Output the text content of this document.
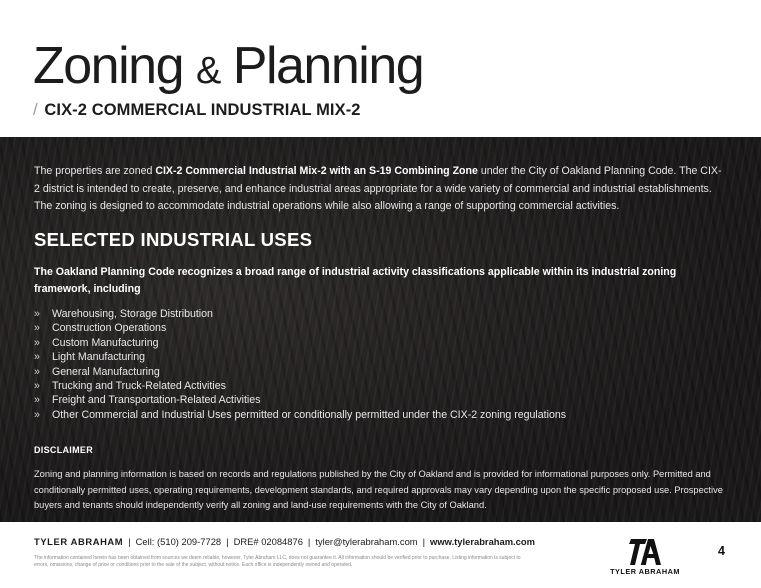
Zoning & Planning
/ CIX-2 COMMERCIAL INDUSTRIAL MIX-2

The properties are zoned CIX-2 Commercial Industrial Mix-2 with an S-19 Combining Zone under the City of Oakland Planning Code. The CIX-2 district is intended to create, preserve, and enhance industrial areas appropriate for a wide variety of commercial and industrial establishments. The zoning is designed to accommodate industrial operations while also allowing a range of supporting commercial activities.

SELECTED INDUSTRIAL USES

The Oakland Planning Code recognizes a broad range of industrial activity classifications applicable within its industrial zoning framework, including

» Warehousing, Storage Distribution
» Construction Operations
» Custom Manufacturing
» Light Manufacturing
» General Manufacturing
» Trucking and Truck-Related Activities
» Freight and Transportation-Related Activities
» Other Commercial and Industrial Uses permitted or conditionally permitted under the CIX-2 zoning regulations
DISCLAIMER

Zoning and planning information is based on records and regulations published by the City of Oakland and is provided for informational purposes only. Permitted and conditionally permitted uses, operating requirements, development standards, and required approvals may vary depending upon the specific proposed use. Prospective buyers and tenants should independently verify all zoning and land-use requirements with the City of Oakland.

TYLER ABRAHAM | Cell: (510) 209-7728 | DRE# 02084876 | tyler@tylerabraham.com | www.tylerabraham.com

The information contained herein has been obtained from sources we deem reliable, however, Tyler Abraham LLC, does not guarantee it. All information should be verified prior to purchase. Listing information is subject to errors, omissions, change of price or conditions prior to the sale of the subject, without notice. Each office is independently owned and operated.

TYLER ABRAHAM
4
